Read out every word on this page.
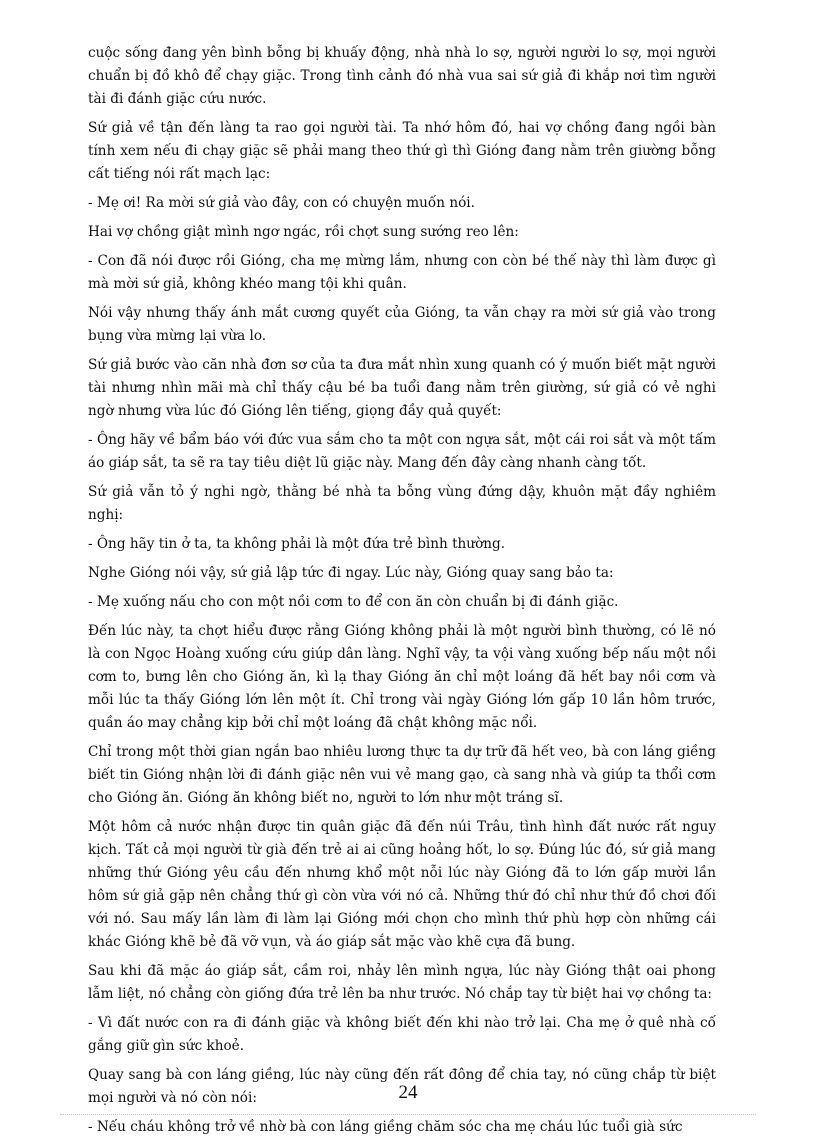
cuộc sống đang yên bình bỗng bị khuấy động, nhà nhà lo sợ, người người lo sợ, mọi người chuẩn bị đồ khô để chạy giặc. Trong tình cảnh đó nhà vua sai sứ giả đi khắp nơi tìm người tài đi đánh giặc cứu nước.

Sứ giả về tận đến làng ta rao gọi người tài. Ta nhớ hôm đó, hai vợ chồng đang ngồi bàn tính xem nếu đi chạy giặc sẽ phải mang theo thứ gì thì Gióng đang nằm trên giường bỗng cất tiếng nói rất mạch lạc:

- Mẹ ơi! Ra mời sứ giả vào đây, con có chuyện muốn nói.

Hai vợ chồng giật mình ngơ ngác, rồi chợt sung sướng reo lên:

- Con đã nói được rồi Gióng, cha mẹ mừng lắm, nhưng con còn bé thế này thì làm được gì mà mời sứ giả, không khéo mang tội khi quân.

Nói vậy nhưng thấy ánh mắt cương quyết của Gióng, ta vẫn chạy ra mời sứ giả vào trong bụng vừa mừng lại vừa lo.

Sứ giả bước vào căn nhà đơn sơ của ta đưa mắt nhìn xung quanh có ý muốn biết mặt người tài nhưng nhìn mãi mà chỉ thấy cậu bé ba tuổi đang nằm trên giường, sứ giả có vẻ nghi ngờ nhưng vừa lúc đó Gióng lên tiếng, giọng đầy quả quyết:

- Ông hãy về bẩm báo với đức vua sắm cho ta một con ngựa sắt, một cái roi sắt và một tấm áo giáp sắt, ta sẽ ra tay tiêu diệt lũ giặc này. Mang đến đây càng nhanh càng tốt.

Sứ giả vẫn tỏ ý nghi ngờ, thằng bé nhà ta bỗng vùng đứng dậy, khuôn mặt đầy nghiêm nghị:

- Ông hãy tin ở ta, ta không phải là một đứa trẻ bình thường.

Nghe Gióng nói vậy, sứ giả lập tức đi ngay. Lúc này, Gióng quay sang bảo ta:

- Mẹ xuống nấu cho con một nồi cơm to để con ăn còn chuẩn bị đi đánh giặc.

Đến lúc này, ta chợt hiểu được rằng Gióng không phải là một người bình thường, có lẽ nó là con Ngọc Hoàng xuống cứu giúp dân làng. Nghĩ vậy, ta vội vàng xuống bếp nấu một nồi cơm to, bưng lên cho Gióng ăn, kì lạ thay Gióng ăn chỉ một loáng đã hết bay nồi cơm và mỗi lúc ta thấy Gióng lớn lên một ít. Chỉ trong vài ngày Gióng lớn gấp 10 lần hôm trước, quần áo may chẳng kịp bởi chỉ một loáng đã chật không mặc nổi.

Chỉ trong một thời gian ngắn bao nhiêu lương thực ta dự trữ đã hết veo, bà con láng giềng biết tin Gióng nhận lời đi đánh giặc nên vui vẻ mang gạo, cà sang nhà và giúp ta thổi cơm cho Gióng ăn. Gióng ăn không biết no, người to lớn như một tráng sĩ.

Một hôm cả nước nhận được tin quân giặc đã đến núi Trâu, tình hình đất nước rất nguy kịch. Tất cả mọi người từ già đến trẻ ai ai cũng hoảng hốt, lo sợ. Đúng lúc đó, sứ giả mang những thứ Gióng yêu cầu đến nhưng khổ một nỗi lúc này Gióng đã to lớn gấp mười lần hôm sứ giả gặp nên chẳng thứ gì còn vừa với nó cả. Những thứ đó chỉ như thứ đồ chơi đối với nó. Sau mấy lần làm đi làm lại Gióng mới chọn cho mình thứ phù hợp còn những cái khác Gióng khẽ bẻ đã vỡ vụn, và áo giáp sắt mặc vào khẽ cựa đã bung.

Sau khi đã mặc áo giáp sắt, cầm roi, nhảy lên mình ngựa, lúc này Gióng thật oai phong lẫm liệt, nó chẳng còn giống đứa trẻ lên ba như trước. Nó chắp tay từ biệt hai vợ chồng ta:

- Vì đất nước con ra đi đánh giặc và không biết đến khi nào trở lại. Cha mẹ ở quê nhà cố gắng giữ gìn sức khoẻ.

Quay sang bà con láng giềng, lúc này cũng đến rất đông để chia tay, nó cũng chắp từ biệt mọi người và nó còn nói:

- Nếu cháu không trở về nhờ bà con láng giềng chăm sóc cha mẹ cháu lúc tuổi già sức

24
